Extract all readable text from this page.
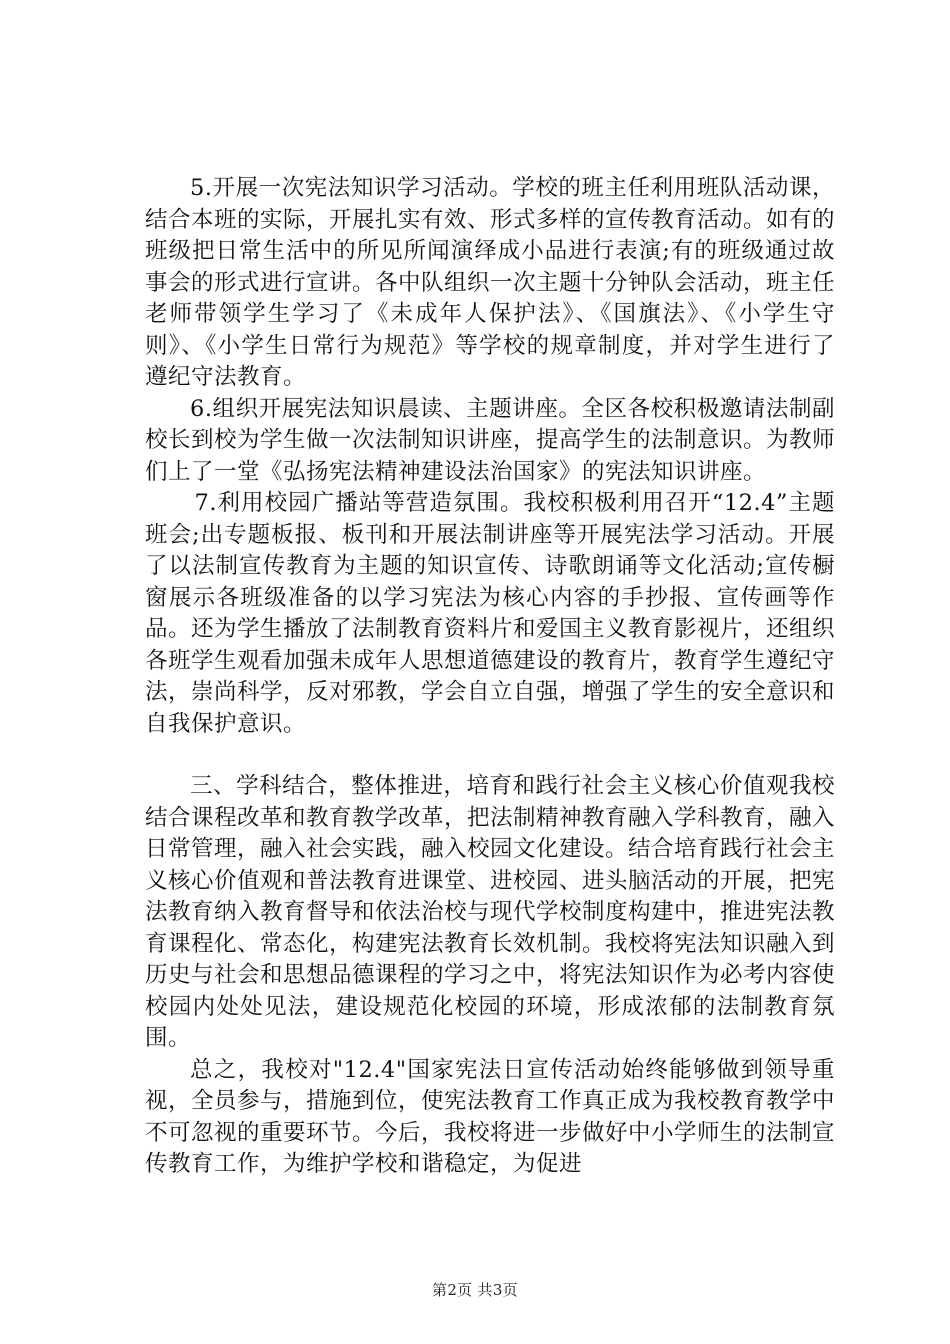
5.开展一次宪法知识学习活动。学校的班主任利用班队活动课，结合本班的实际，开展扎实有效、形式多样的宣传教育活动。如有的班级把日常生活中的所见所闻演绎成小品进行表演;有的班级通过故事会的形式进行宣讲。各中队组织一次主题十分钟队会活动，班主任老师带领学生学习了《未成年人保护法》、《国旗法》、《小学生守则》、《小学生日常行为规范》等学校的规章制度，并对学生进行了遵纪守法教育。

6.组织开展宪法知识晨读、主题讲座。全区各校积极邀请法制副校长到校为学生做一次法制知识讲座，提高学生的法制意识。为教师们上了一堂《弘扬宪法精神建设法治国家》的宪法知识讲座。

7.利用校园广播站等营造氛围。我校积极利用召开“12.4”主题班会;出专题板报、板刊和开展法制讲座等开展宪法学习活动。开展了以法制宣传教育为主题的知识宣传、诗歌朗诵等文化活动;宣传橱窗展示各班级准备的以学习宪法为核心内容的手抄报、宣传画等作品。还为学生播放了法制教育资料片和爱国主义教育影视片，还组织各班学生观看加强未成年人思想道德建设的教育片，教育学生遵纪守法，崇尚科学，反对邪教，学会自立自强，增强了学生的安全意识和自我保护意识。

三、学科结合，整体推进，培育和践行社会主义核心价值观我校结合课程改革和教育教学改革，把法制精神教育融入学科教育，融入日常管理，融入社会实践，融入校园文化建设。结合培育践行社会主义核心价值观和普法教育进课堂、进校园、进头脑活动的开展，把宪法教育纳入教育督导和依法治校与现代学校制度构建中，推进宪法教育课程化、常态化，构建宪法教育长效机制。我校将宪法知识融入到历史与社会和思想品德课程的学习之中，将宪法知识作为必考内容使校园内处处见法，建设规范化校园的环境，形成浓郁的法制教育氛围。

总之，我校对"12.4"国家宪法日宣传活动始终能够做到领导重视，全员参与，措施到位，使宪法教育工作真正成为我校教育教学中不可忽视的重要环节。今后，我校将进一步做好中小学师生的法制宣传教育工作，为维护学校和谐稳定，为促进

第2页 共3页
